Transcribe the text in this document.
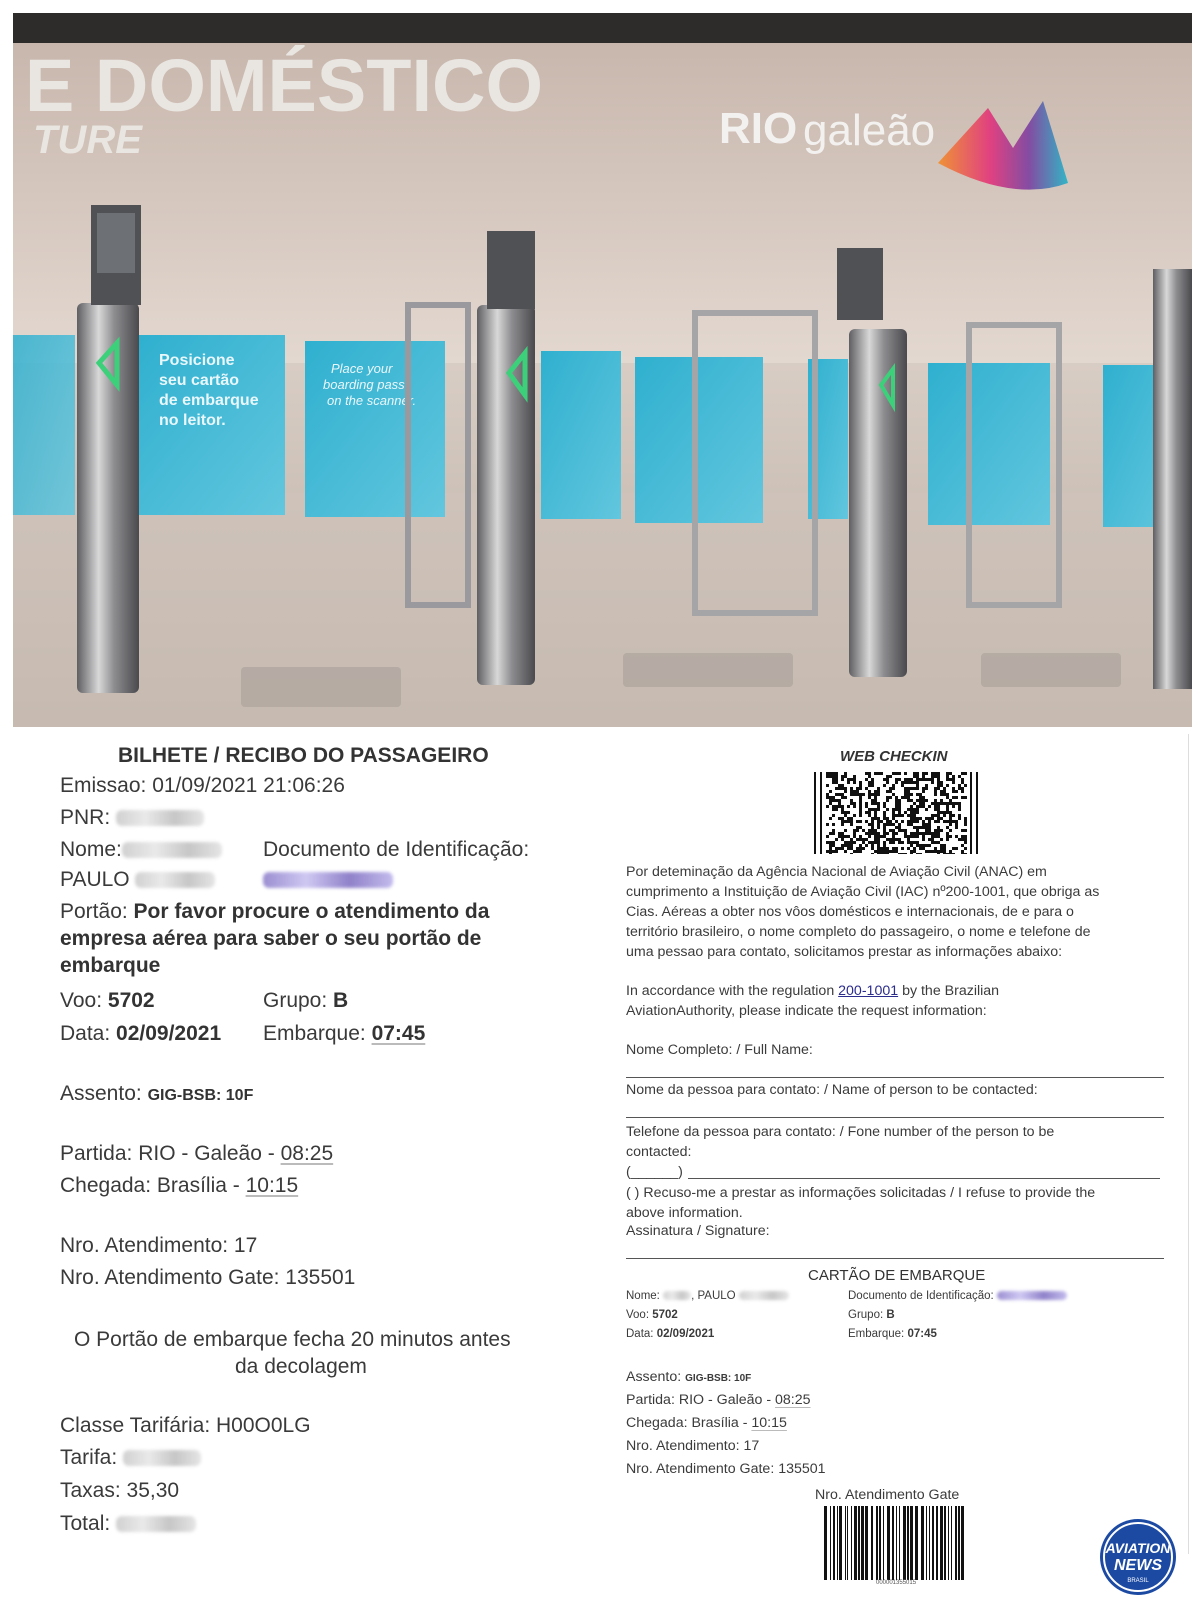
E DOMÉSTICO
TURE	RIO galeão
Posicione
seu cartão
de embarque
no leitor.
Place your
boarding pass
on the scanner.
BILHETE / RECIBO DO PASSAGEIRO
Emissao: 01/09/2021 21:06:26
PNR:
Nome:	Documento de Identificação:
PAULO
Portão: Por favor procure o atendimento da
empresa aérea para saber o seu portão de
embarque
Voo: 5702	Grupo: B
Data: 02/09/2021 Embarque: 07:45
Assento: GIG-BSB: 10F
Partida: RIO - Galeão - 08:25
Chegada: Brasília - 10:15
Nro. Atendimento: 17
Nro. Atendimento Gate: 135501
O Portão de embarque fecha 20 minutos antes
da decolagem
Classe Tarifária: H00O0LG
Tarifa:
Taxas: 35,30
Total:
WEB CHECKIN
Por deteminação da Agência Nacional de Aviação Civil (ANAC) em
cumprimento a Instituição de Aviação Civil (IAC) nº200-1001, que obriga as
Cias. Aéreas a obter nos vôos domésticos e internacionais, de e para o
território brasileiro, o nome completo do passageiro, o nome e telefone de
uma pessao para contato, solicitamos prestar as informações abaixo:
In accordance with the regulation 200-1001 by the Brazilian
AviationAuthority, please indicate the request information:
Nome Completo: / Full Name:
Nome da pessoa para contato: / Name of person to be contacted:
Telefone da pessoa para contato: / Fone number of the person to be
contacted:
(______)
( ) Recuso-me a prestar as informações solicitadas / I refuse to provide the
above information.
Assinatura / Signature:
CARTÃO DE EMBARQUE
Nome:	, PAULO	Documento de Identificação:
Voo: 5702	Grupo: B
Data: 02/09/2021	Embarque: 07:45
Assento: GIG-BSB: 10F
Partida: RIO - Galeão - 08:25
Chegada: Brasília - 10:15
Nro. Atendimento: 17
Nro. Atendimento Gate: 135501
Nro. Atendimento Gate
000001355015
AVIATION
NEWS
BRASIL
